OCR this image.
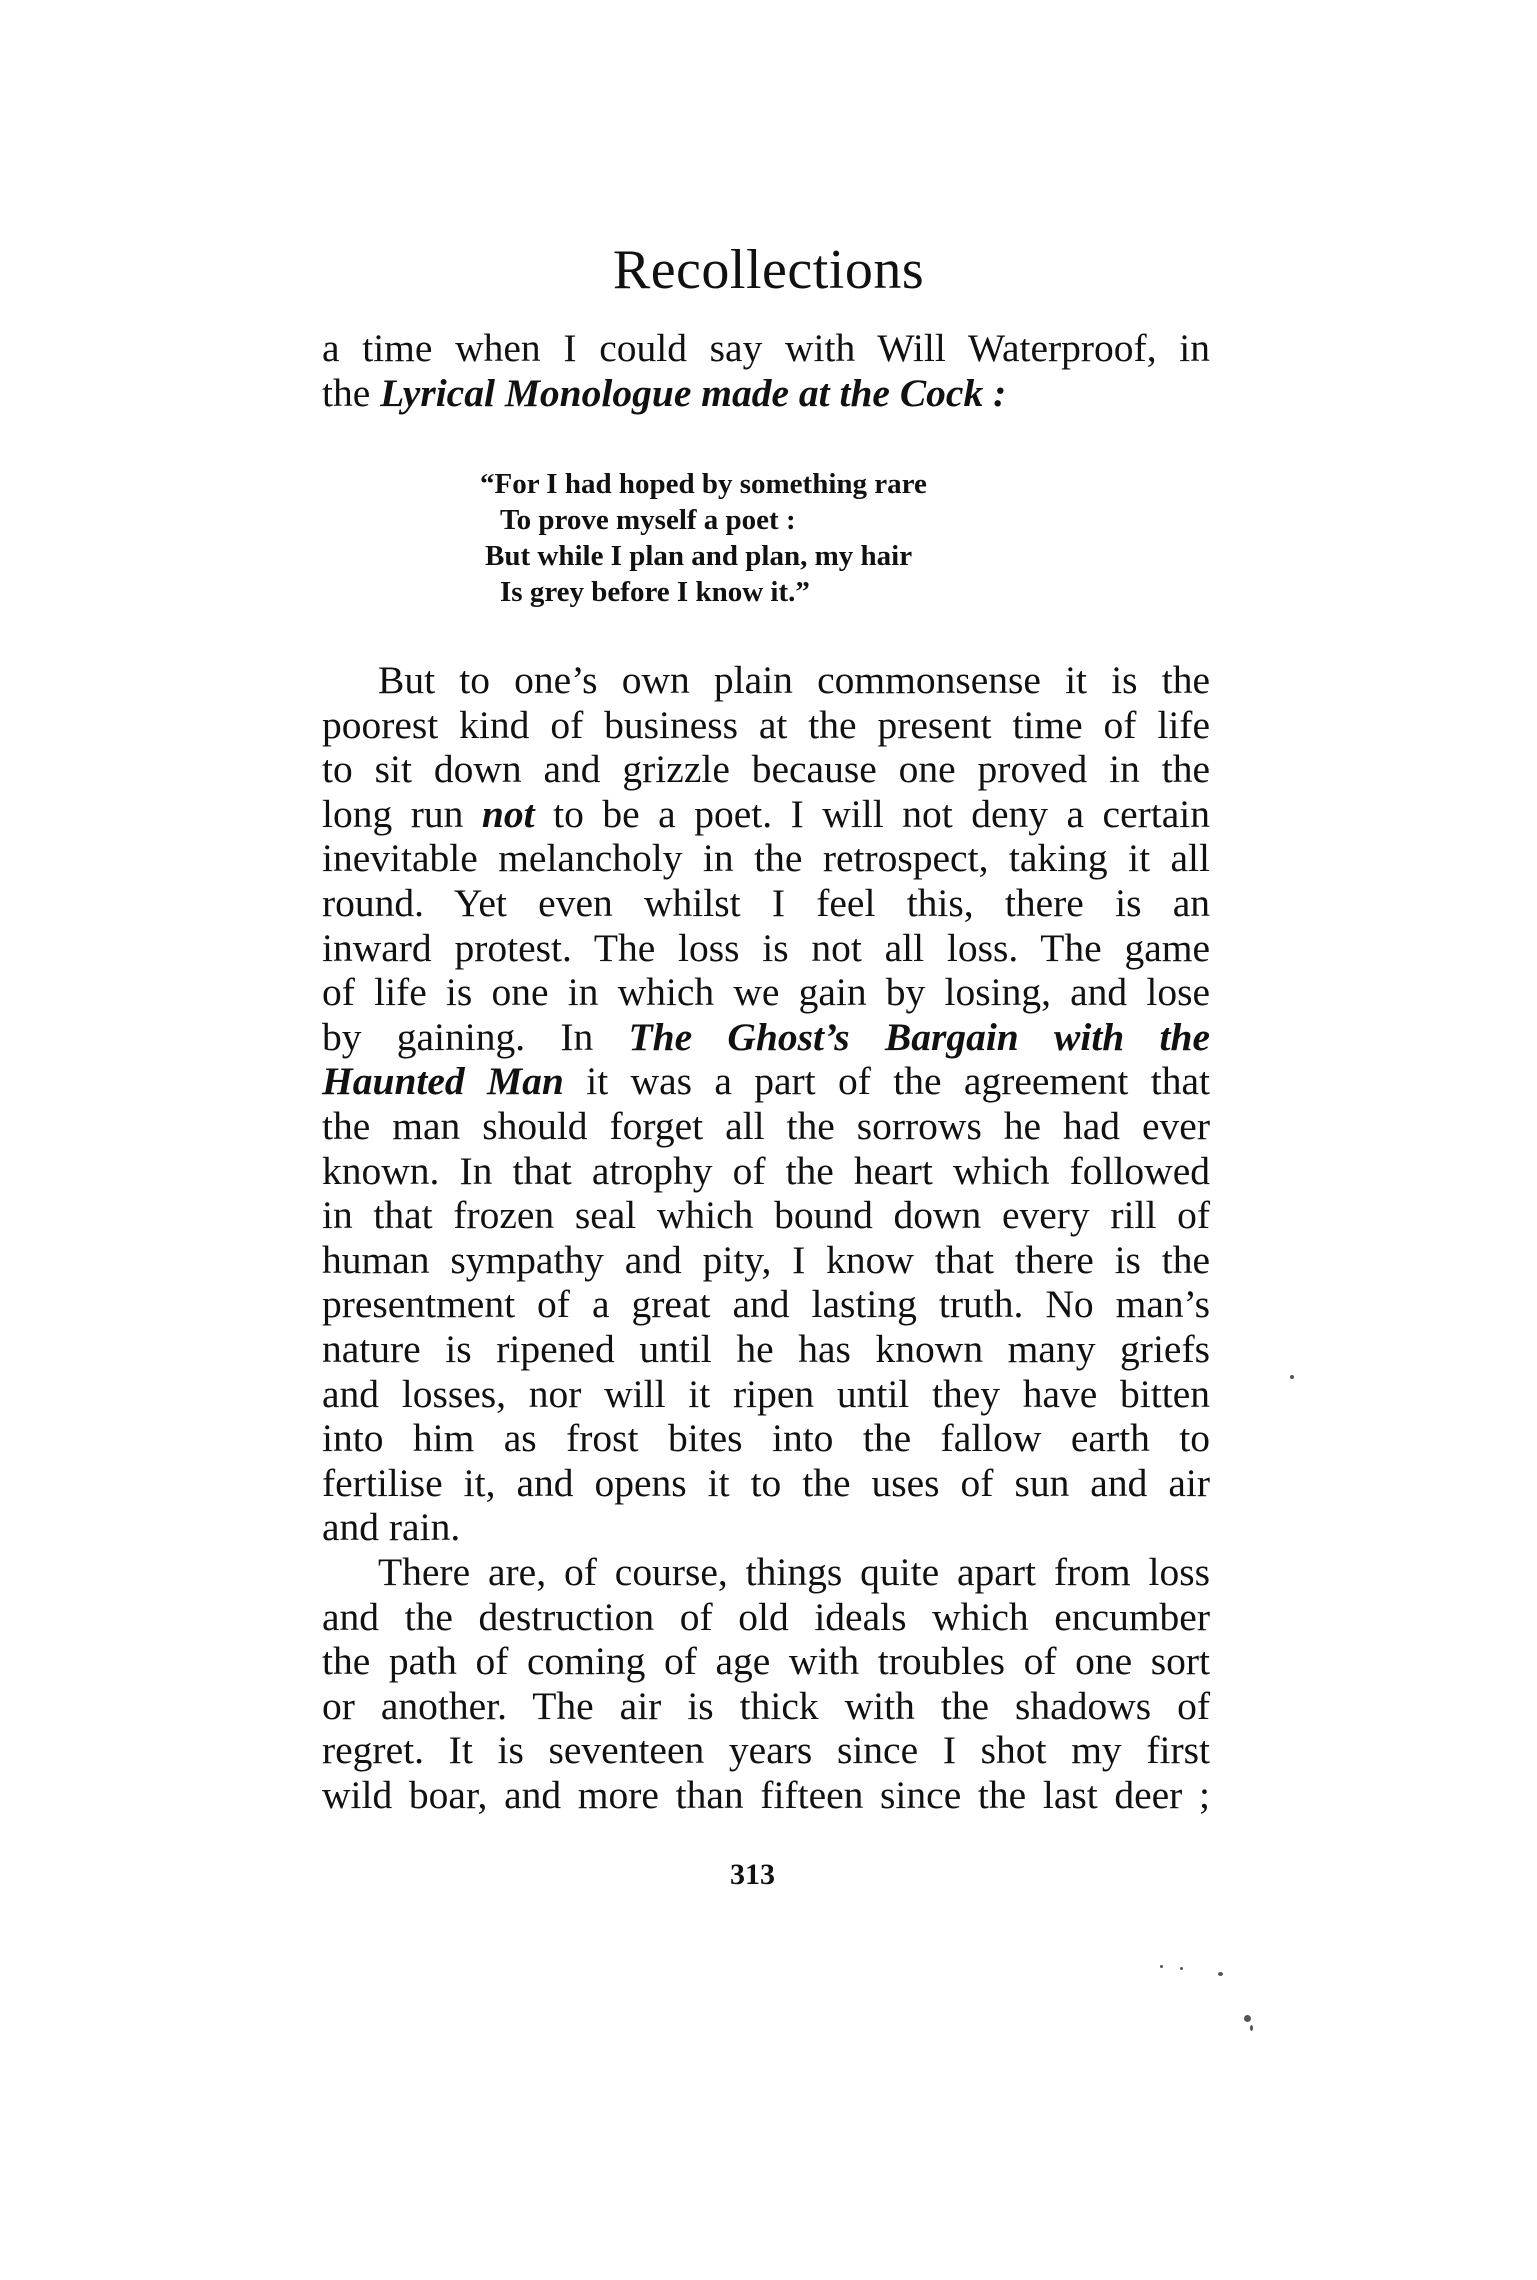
Recollections
a time when I could say with Will Waterproof, in
the Lyrical Monologue made at the Cock :
“For I had hoped by something rare
To prove myself a poet :
But while I plan and plan, my hair
Is grey before I know it.”
But to one’s own plain commonsense it is the
poorest kind of business at the present time of life
to sit down and grizzle because one proved in the
long run not to be a poet. I will not deny a certain
inevitable melancholy in the retrospect, taking it all
round. Yet even whilst I feel this, there is an
inward protest. The loss is not all loss. The game
of life is one in which we gain by losing, and lose
by gaining. In The Ghost’s Bargain with the
Haunted Man it was a part of the agreement that
the man should forget all the sorrows he had ever
known. In that atrophy of the heart which followed
in that frozen seal which bound down every rill of
human sympathy and pity, I know that there is the
presentment of a great and lasting truth. No man’s
nature is ripened until he has known many griefs
and losses, nor will it ripen until they have bitten
into him as frost bites into the fallow earth to
fertilise it, and opens it to the uses of sun and air
and rain.
There are, of course, things quite apart from loss
and the destruction of old ideals which encumber
the path of coming of age with troubles of one sort
or another. The air is thick with the shadows of
regret. It is seventeen years since I shot my first
wild boar, and more than fifteen since the last deer ;
313
